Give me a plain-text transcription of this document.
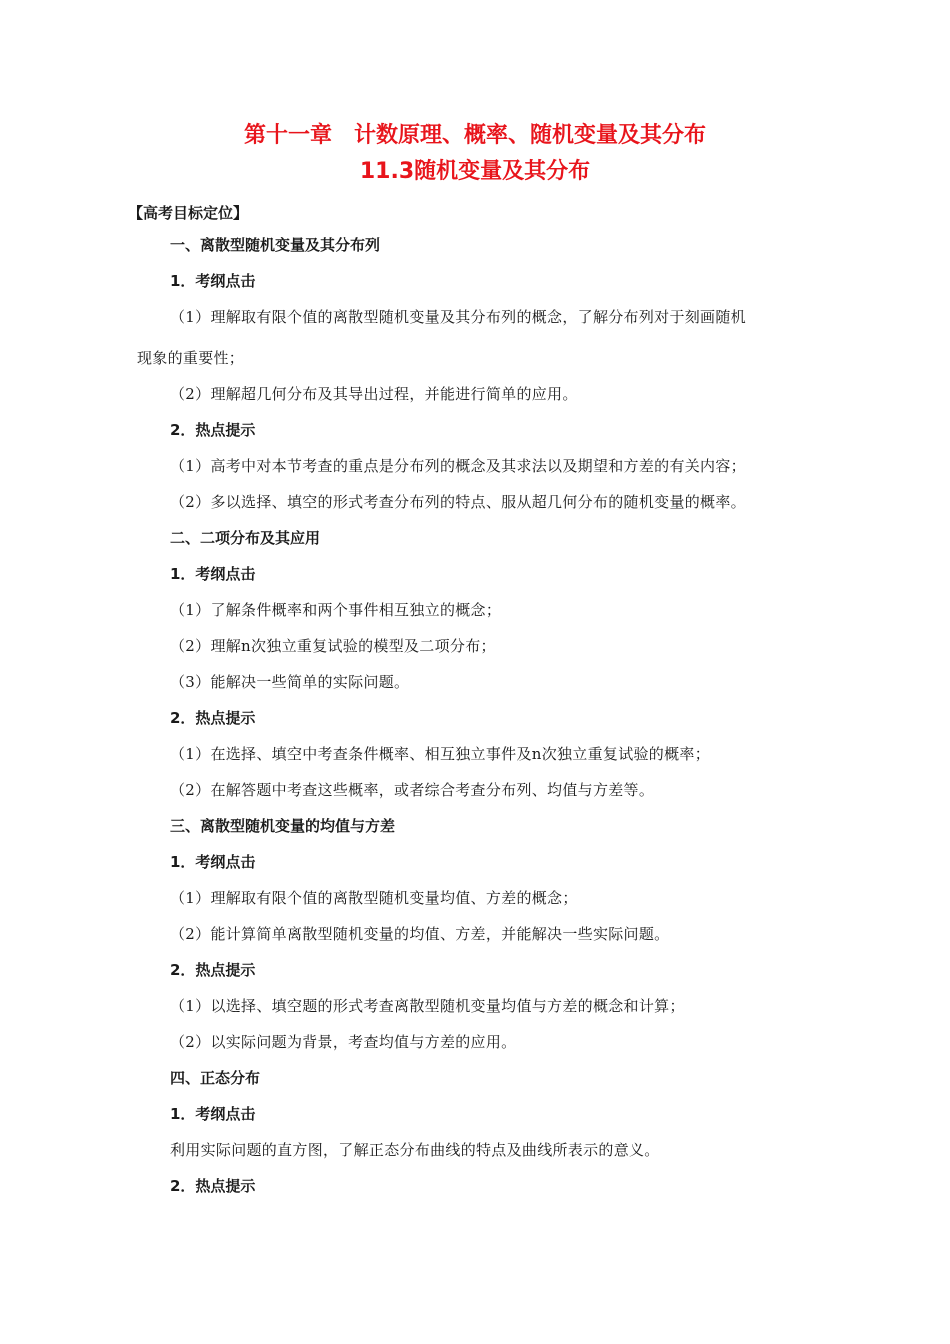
第十一章　计数原理、概率、随机变量及其分布
11.3随机变量及其分布

【高考目标定位】

一、离散型随机变量及其分布列

1．考纲点击

（1）理解取有限个值的离散型随机变量及其分布列的概念，了解分布列对于刻画随机

现象的重要性；

（2）理解超几何分布及其导出过程，并能进行简单的应用。

2．热点提示

（1）高考中对本节考查的重点是分布列的概念及其求法以及期望和方差的有关内容；

（2）多以选择、填空的形式考查分布列的特点、服从超几何分布的随机变量的概率。

二、二项分布及其应用

1．考纲点击

（1）了解条件概率和两个事件相互独立的概念；

（2）理解n次独立重复试验的模型及二项分布；

（3）能解决一些简单的实际问题。

2．热点提示

（1）在选择、填空中考查条件概率、相互独立事件及n次独立重复试验的概率；

（2）在解答题中考查这些概率，或者综合考查分布列、均值与方差等。

三、离散型随机变量的均值与方差

1．考纲点击

（1）理解取有限个值的离散型随机变量均值、方差的概念；

（2）能计算简单离散型随机变量的均值、方差，并能解决一些实际问题。

2．热点提示

（1）以选择、填空题的形式考查离散型随机变量均值与方差的概念和计算；

（2）以实际问题为背景，考查均值与方差的应用。

四、正态分布

1．考纲点击

利用实际问题的直方图，了解正态分布曲线的特点及曲线所表示的意义。

2．热点提示
